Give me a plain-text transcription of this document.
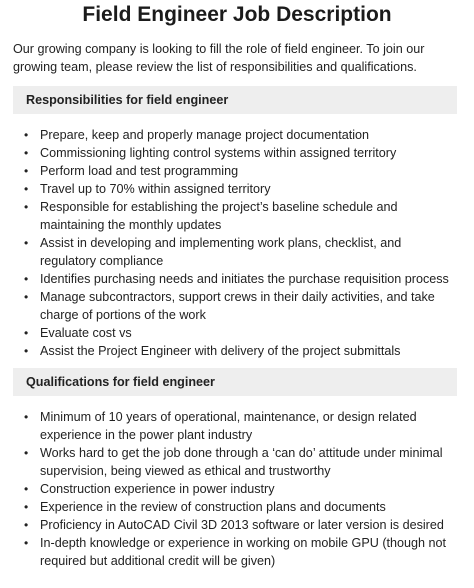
Field Engineer Job Description
Our growing company is looking to fill the role of field engineer. To join our growing team, please review the list of responsibilities and qualifications.
Responsibilities for field engineer
• Prepare, keep and properly manage project documentation
• Commissioning lighting control systems within assigned territory
• Perform load and test programming
• Travel up to 70% within assigned territory
• Responsible for establishing the project’s baseline schedule and maintaining the monthly updates
• Assist in developing and implementing work plans, checklist, and regulatory compliance
• Identifies purchasing needs and initiates the purchase requisition process
• Manage subcontractors, support crews in their daily activities, and take charge of portions of the work
• Evaluate cost vs
• Assist the Project Engineer with delivery of the project submittals
Qualifications for field engineer
• Minimum of 10 years of operational, maintenance, or design related experience in the power plant industry
• Works hard to get the job done through a ‘can do’ attitude under minimal supervision, being viewed as ethical and trustworthy
• Construction experience in power industry
• Experience in the review of construction plans and documents
• Proficiency in AutoCAD Civil 3D 2013 software or later version is desired
• In-depth knowledge or experience in working on mobile GPU (though not required but additional credit will be given)
